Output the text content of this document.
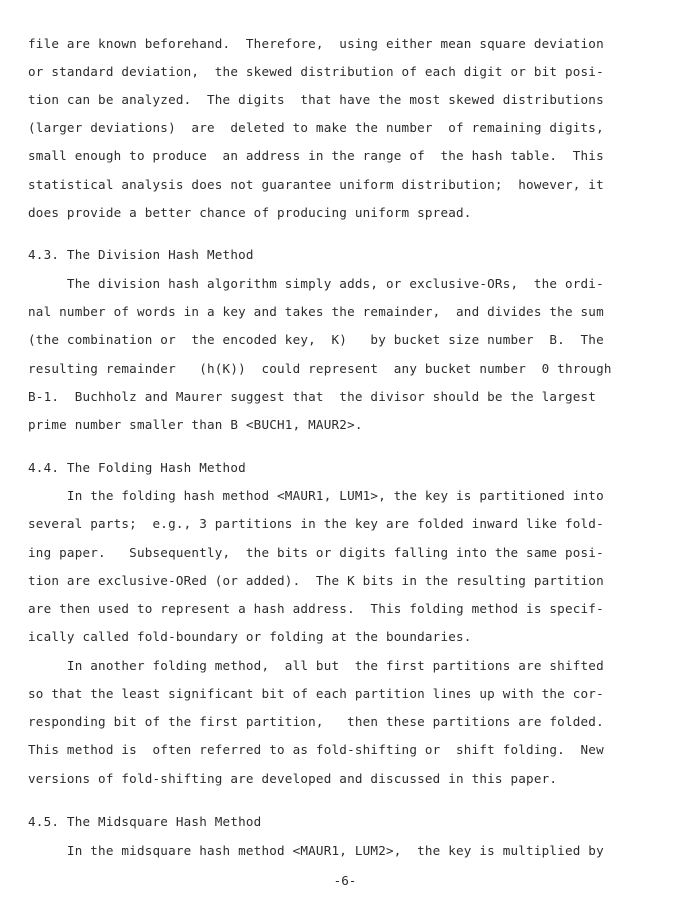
file are known beforehand.  Therefore,  using either mean square deviation
or standard deviation,  the skewed distribution of each digit or bit posi-
tion can be analyzed.  The digits  that have the most skewed distributions
(larger deviations)  are  deleted to make the number  of remaining digits,
small enough to produce  an address in the range of  the hash table.  This
statistical analysis does not guarantee uniform distribution;  however, it
does provide a better chance of producing uniform spread.
4.3. The Division Hash Method
The division hash algorithm simply adds, or exclusive-ORs,  the ordi-
nal number of words in a key and takes the remainder,  and divides the sum
(the combination or  the encoded key,  K)   by bucket size number  B.  The
resulting remainder   (h(K))  could represent  any bucket number  0 through
B-1.  Buchholz and Maurer suggest that  the divisor should be the largest
prime number smaller than B <BUCH1, MAUR2>.
4.4. The Folding Hash Method
In the folding hash method <MAUR1, LUM1>, the key is partitioned into
several parts;  e.g., 3 partitions in the key are folded inward like fold-
ing paper.   Subsequently,  the bits or digits falling into the same posi-
tion are exclusive-ORed (or added).  The K bits in the resulting partition
are then used to represent a hash address.  This folding method is specif-
ically called fold-boundary or folding at the boundaries.
In another folding method,  all but  the first partitions are shifted
so that the least significant bit of each partition lines up with the cor-
responding bit of the first partition,   then these partitions are folded.
This method is  often referred to as fold-shifting or  shift folding.  New
versions of fold-shifting are developed and discussed in this paper.
4.5. The Midsquare Hash Method
In the midsquare hash method <MAUR1, LUM2>,  the key is multiplied by
-6-
